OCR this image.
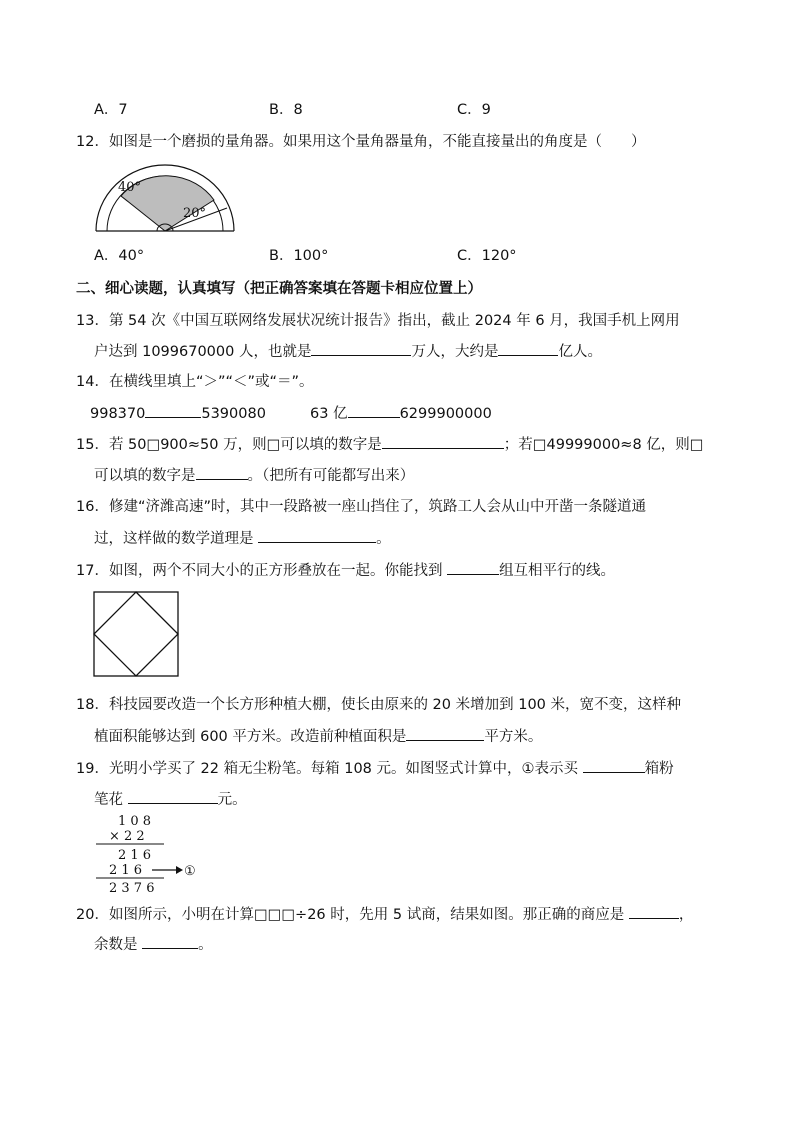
A．7	B．8	C．9
12．如图是一个磨损的量角器。如果用这个量角器量角，不能直接量出的角度是（　　）
40°
20°
A．40°	B．100°	C．120°
二、细心读题，认真填写（把正确答案填在答题卡相应位置上）
13．第 54 次《中国互联网络发展状况统计报告》指出，截止 2024 年 6 月，我国手机上网用
户达到 1099670000 人，也就是	万人，大约是	亿人。
14．在横线里填上“＞”“＜”或“＝”。
998370	5390080	63 亿	6299900000
15．若 50□900≈50 万，则□可以填的数字是	；若□49999000≈8 亿，则□
可以填的数字是	。（把所有可能都写出来）
16．修建“济潍高速”时，其中一段路被一座山挡住了，筑路工人会从山中开凿一条隧道通
过，这样做的数学道理是	。
17．如图，两个不同大小的正方形叠放在一起。你能找到	组互相平行的线。
18．科技园要改造一个长方形种植大棚，使长由原来的 20 米增加到 100 米，宽不变，这样种
植面积能够达到 600 平方米。改造前种植面积是	平方米。
19．光明小学买了 22 箱无尘粉笔。每箱 108 元。如图竖式计算中，①表示买	箱粉
笔花	元。
1 0 8
× 2 2
2 1 6
2 1 6	①
2 3 7 6
20．如图所示，小明在计算□□□÷26 时，先用 5 试商，结果如图。那正确的商应是	，
余数是	。
